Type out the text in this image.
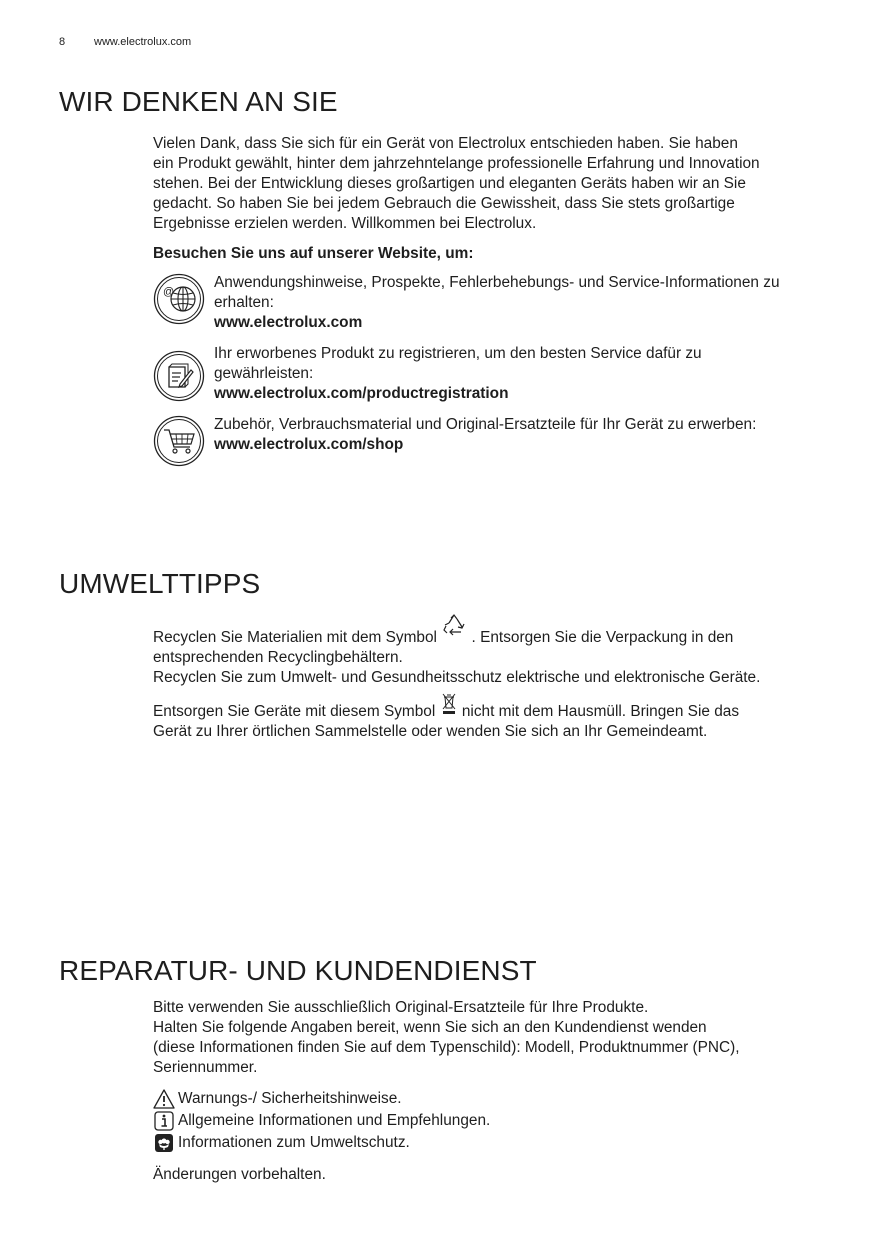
8	www.electrolux.com
WIR DENKEN AN SIE

Vielen Dank, dass Sie sich für ein Gerät von Electrolux entschieden haben. Sie haben

ein Produkt gewählt, hinter dem jahrzehntelange professionelle Erfahrung und Innovation

stehen. Bei der Entwicklung dieses großartigen und eleganten Geräts haben wir an Sie

gedacht. So haben Sie bei jedem Gebrauch die Gewissheit, dass Sie stets großartige

Ergebnisse erzielen werden. Willkommen bei Electrolux.

Besuchen Sie uns auf unserer Website, um:
@
Anwendungshinweise, Prospekte, Fehlerbehebungs- und Service-Informationen zu
erhalten:
www.electrolux.com
Ihr erworbenes Produkt zu registrieren, um den besten Service dafür zu
gewährleisten:
www.electrolux.com/productregistration
Zubehör, Verbrauchsmaterial und Original-Ersatzteile für Ihr Gerät zu erwerben:
www.electrolux.com/shop
UMWELTTIPPS

Recyclen Sie Materialien mit dem Symbol . Entsorgen Sie die Verpackung in den

entsprechenden Recyclingbehältern.

Recyclen Sie zum Umwelt- und Gesundheitsschutz elektrische und elektronische Geräte.

Entsorgen Sie Geräte mit diesem Symbol nicht mit dem Hausmüll. Bringen Sie das

Gerät zu Ihrer örtlichen Sammelstelle oder wenden Sie sich an Ihr Gemeindeamt.

REPARATUR- UND KUNDENDIENST

Bitte verwenden Sie ausschließlich Original-Ersatzteile für Ihre Produkte.

Halten Sie folgende Angaben bereit, wenn Sie sich an den Kundendienst wenden

(diese Informationen finden Sie auf dem Typenschild): Modell, Produktnummer (PNC),

Seriennummer.

Warnungs-/ Sicherheitshinweise.
Allgemeine Informationen und Empfehlungen.
Informationen zum Umweltschutz.
Änderungen vorbehalten.
